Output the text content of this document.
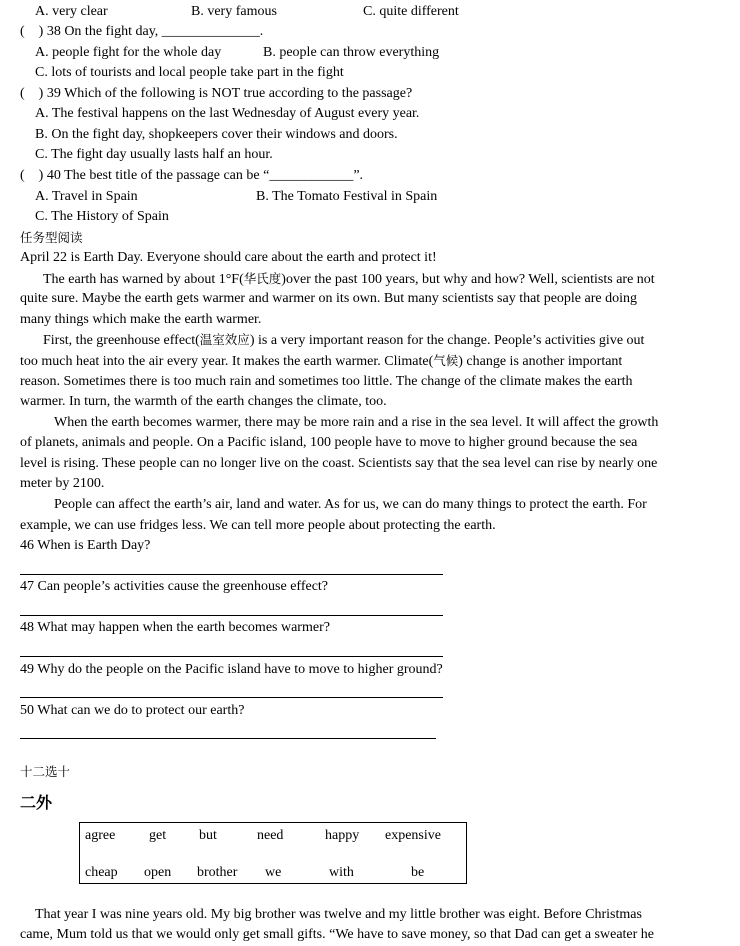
A. very clear	B. very famous	C. quite different
(    ) 38 On the fight day, ______________.
A. people fight for the whole day	B. people can throw everything
C. lots of tourists and local people take part in the fight
(    ) 39 Which of the following is NOT true according to the passage?
A. The festival happens on the last Wednesday of August every year.
B. On the fight day, shopkeepers cover their windows and doors.
C. The fight day usually lasts half an hour.
(    ) 40 The best title of the passage can be “____________”.
A. Travel in Spain	B. The Tomato Festival in Spain
C. The History of Spain
任务型阅读
April 22 is Earth Day. Everyone should care about the earth and protect it!
The earth has warned by about 1°F(华氏度)over the past 100 years, but why and how? Well, scientists are not
quite sure. Maybe the earth gets warmer and warmer on its own. But many scientists say that people are doing
many things which make the earth warmer.
First, the greenhouse effect(温室效应) is a very important reason for the change. People’s activities give out
too much heat into the air every year. It makes the earth warmer. Climate(气候) change is another important
reason. Sometimes there is too much rain and sometimes too little. The change of the climate makes the earth
warmer. In turn, the warmth of the earth changes the climate, too.
When the earth becomes warmer, there may be more rain and a rise in the sea level. It will affect the growth
of planets, animals and people. On a Pacific island, 100 people have to move to higher ground because the sea
level is rising. These people can no longer live on the coast. Scientists say that the sea level can rise by nearly one
meter by 2100.
People can affect the earth’s air, land and water. As for us, we can do many things to protect the earth. For
example, we can use fridges less. We can tell more people about protecting the earth.
46 When is Earth Day?
47 Can people’s activities cause the greenhouse effect?
48 What may happen when the earth becomes warmer?
49 Why do the people on the Pacific island have to move to higher ground?
50 What can we do to protect our earth?
十二选十
二外
agree get but	need	happy expensive
cheap open brother we	with	be
That year I was nine years old. My big brother was twelve and my little brother was eight. Before Christmas
came, Mum told us that we would only get small gifts. “We have to save money, so that Dad can get a sweater he
